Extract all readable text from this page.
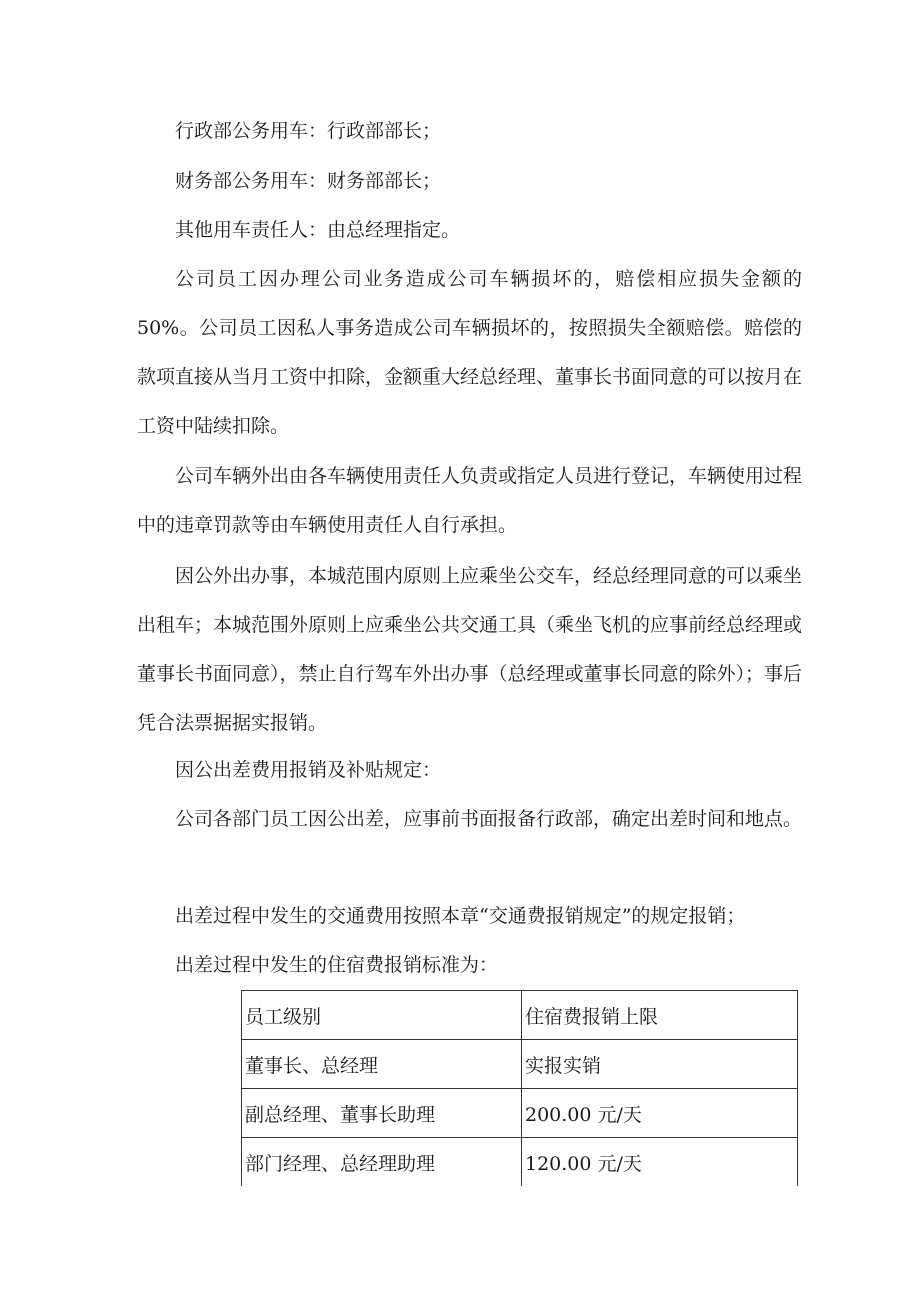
行政部公务用车：行政部部长；

财务部公务用车：财务部部长；

其他用车责任人：由总经理指定。

公司员工因办理公司业务造成公司车辆损坏的，赔偿相应损失金额的50%。公司员工因私人事务造成公司车辆损坏的，按照损失全额赔偿。赔偿的款项直接从当月工资中扣除，金额重大经总经理、董事长书面同意的可以按月在工资中陆续扣除。

公司车辆外出由各车辆使用责任人负责或指定人员进行登记，车辆使用过程中的违章罚款等由车辆使用责任人自行承担。

因公外出办事，本城范围内原则上应乘坐公交车，经总经理同意的可以乘坐出租车；本城范围外原则上应乘坐公共交通工具（乘坐飞机的应事前经总经理或董事长书面同意），禁止自行驾车外出办事（总经理或董事长同意的除外）；事后凭合法票据据实报销。

因公出差费用报销及补贴规定：

公司各部门员工因公出差，应事前书面报备行政部，确定出差时间和地点。

出差过程中发生的交通费用按照本章“交通费报销规定”的规定报销；

出差过程中发生的住宿费报销标准为：

员工级别	住宿费报销上限
董事长、总经理	实报实销
副总经理、董事长助理	200.00 元/天
部门经理、总经理助理	120.00 元/天
